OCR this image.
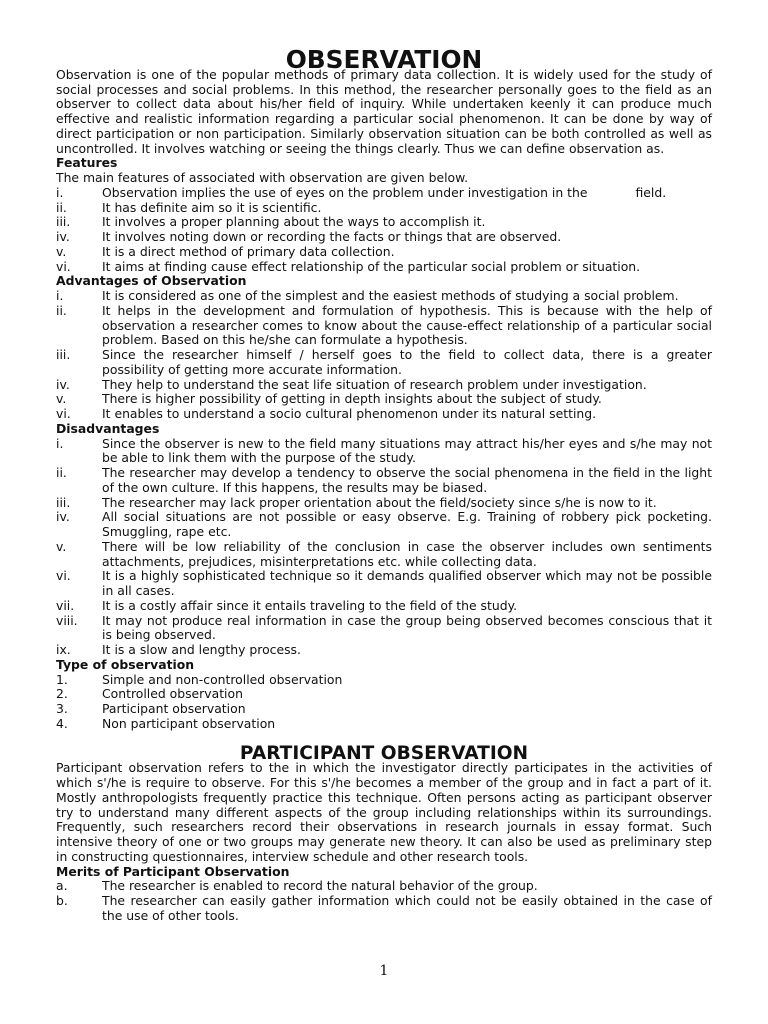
OBSERVATION

Observation is one of the popular methods of primary data collection. It is widely used for the study of social processes and social problems. In this method, the researcher personally goes to the field as an observer to collect data about his/her field of inquiry. While undertaken keenly it can produce much effective and realistic information regarding a particular social phenomenon. It can be done by way of direct participation or non participation. Similarly observation situation can be both controlled as well as uncontrolled. It involves watching or seeing the things clearly. Thus we can define observation as.

Features

The main features of associated with observation are given below.

i.	Observation implies the use of eyes on the problem under investigation in the	field.
ii.	It has definite aim so it is scientific.
iii.	It involves a proper planning about the ways to accomplish it.
iv.	It involves noting down or recording the facts or things that are observed.
v.	It is a direct method of primary data collection.
vi.	It aims at finding cause effect relationship of the particular social problem or situation.
Advantages of Observation
i.	It is considered as one of the simplest and the easiest methods of studying a social problem.
ii.	It helps in the development and formulation of hypothesis. This is because with the help of observation a researcher comes to know about the cause-effect relationship of a particular social problem. Based on this he/she can formulate a hypothesis.
iii.	Since the researcher himself / herself goes to the field to collect data, there is a greater possibility of getting more accurate information.
iv.	They help to understand the seat life situation of research problem under investigation.
v.	There is higher possibility of getting in depth insights about the subject of study.
vi.	It enables to understand a socio cultural phenomenon under its natural setting.
Disadvantages
i.	Since the observer is new to the field many situations may attract his/her eyes and s/he may not be able to link them with the purpose of the study.
ii.	The researcher may develop a tendency to observe the social phenomena in the field in the light of the own culture. If this happens, the results may be biased.
iii.	The researcher may lack proper orientation about the field/society since s/he is now to it.
iv.	All social situations are not possible or easy observe. E.g. Training of robbery pick pocketing. Smuggling, rape etc.
v.	There will be low reliability of the conclusion in case the observer includes own sentiments attachments, prejudices, misinterpretations etc. while collecting data.
vi.	It is a highly sophisticated technique so it demands qualified observer which may not be possible in all cases.
vii.	It is a costly affair since it entails traveling to the field of the study.
viii.	It may not produce real information in case the group being observed becomes conscious that it is being observed.
ix.	It is a slow and lengthy process.
Type of observation
1.	Simple and non-controlled observation
2.	Controlled observation
3.	Participant observation
4.	Non participant observation
PARTICIPANT OBSERVATION

Participant observation refers to the in which the investigator directly participates in the activities of which s'/he is require to observe. For this s'/he becomes a member of the group and in fact a part of it. Mostly anthropologists frequently practice this technique. Often persons acting as participant observer try to understand many different aspects of the group including relationships within its surroundings. Frequently, such researchers record their observations in research journals in essay format. Such intensive theory of one or two groups may generate new theory. It can also be used as preliminary step in constructing questionnaires, interview schedule and other research tools.

Merits of Participant Observation
a.	The researcher is enabled to record the natural behavior of the group.
b.	The researcher can easily gather information which could not be easily obtained in the case of the use of other tools.
1
